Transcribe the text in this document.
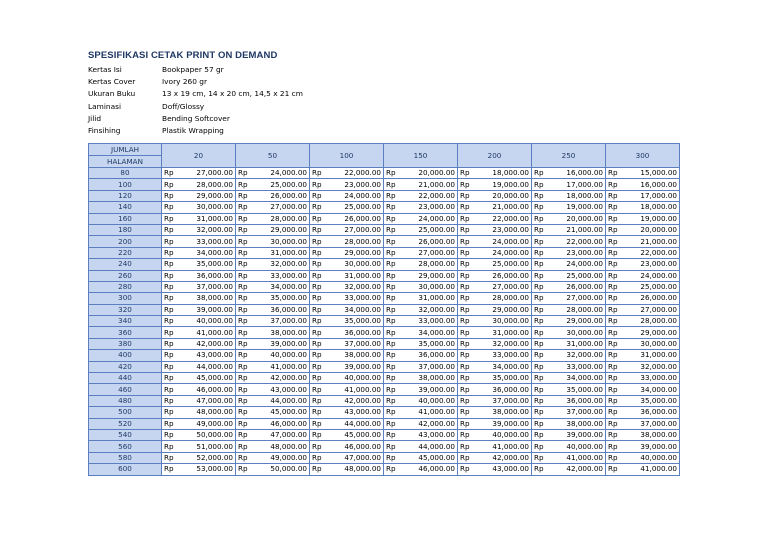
SPESIFIKASI CETAK PRINT ON DEMAND
Kertas Isi	Bookpaper 57 gr
Kertas Cover	Ivory 260 gr
Ukuran Buku	13 x 19 cm, 14 x 20 cm, 14,5 x 21 cm
Laminasi	Doff/Glossy
Jilid	Bending Softcover
Finsihing	Plastik Wrapping
JUMLAH	20		50		100		150		200		250		300	
HALAMAN														
80	Rp	27,000.00	Rp	24,000.00	Rp	22,000.00	Rp	20,000.00	Rp	18,000.00	Rp	16,000.00	Rp	15,000.00
100	Rp	28,000.00	Rp	25,000.00	Rp	23,000.00	Rp	21,000.00	Rp	19,000.00	Rp	17,000.00	Rp	16,000.00
120	Rp	29,000.00	Rp	26,000.00	Rp	24,000.00	Rp	22,000.00	Rp	20,000.00	Rp	18,000.00	Rp	17,000.00
140	Rp	30,000.00	Rp	27,000.00	Rp	25,000.00	Rp	23,000.00	Rp	21,000.00	Rp	19,000.00	Rp	18,000.00
160	Rp	31,000.00	Rp	28,000.00	Rp	26,000.00	Rp	24,000.00	Rp	22,000.00	Rp	20,000.00	Rp	19,000.00
180	Rp	32,000.00	Rp	29,000.00	Rp	27,000.00	Rp	25,000.00	Rp	23,000.00	Rp	21,000.00	Rp	20,000.00
200	Rp	33,000.00	Rp	30,000.00	Rp	28,000.00	Rp	26,000.00	Rp	24,000.00	Rp	22,000.00	Rp	21,000.00
220	Rp	34,000.00	Rp	31,000.00	Rp	29,000.00	Rp	27,000.00	Rp	24,000.00	Rp	23,000.00	Rp	22,000.00
240	Rp	35,000.00	Rp	32,000.00	Rp	30,000.00	Rp	28,000.00	Rp	25,000.00	Rp	24,000.00	Rp	23,000.00
260	Rp	36,000.00	Rp	33,000.00	Rp	31,000.00	Rp	29,000.00	Rp	26,000.00	Rp	25,000.00	Rp	24,000.00
280	Rp	37,000.00	Rp	34,000.00	Rp	32,000.00	Rp	30,000.00	Rp	27,000.00	Rp	26,000.00	Rp	25,000.00
300	Rp	38,000.00	Rp	35,000.00	Rp	33,000.00	Rp	31,000.00	Rp	28,000.00	Rp	27,000.00	Rp	26,000.00
320	Rp	39,000.00	Rp	36,000.00	Rp	34,000.00	Rp	32,000.00	Rp	29,000.00	Rp	28,000.00	Rp	27,000.00
340	Rp	40,000.00	Rp	37,000.00	Rp	35,000.00	Rp	33,000.00	Rp	30,000.00	Rp	29,000.00	Rp	28,000.00
360	Rp	41,000.00	Rp	38,000.00	Rp	36,000.00	Rp	34,000.00	Rp	31,000.00	Rp	30,000.00	Rp	29,000.00
380	Rp	42,000.00	Rp	39,000.00	Rp	37,000.00	Rp	35,000.00	Rp	32,000.00	Rp	31,000.00	Rp	30,000.00
400	Rp	43,000.00	Rp	40,000.00	Rp	38,000.00	Rp	36,000.00	Rp	33,000.00	Rp	32,000.00	Rp	31,000.00
420	Rp	44,000.00	Rp	41,000.00	Rp	39,000.00	Rp	37,000.00	Rp	34,000.00	Rp	33,000.00	Rp	32,000.00
440	Rp	45,000.00	Rp	42,000.00	Rp	40,000.00	Rp	38,000.00	Rp	35,000.00	Rp	34,000.00	Rp	33,000.00
460	Rp	46,000.00	Rp	43,000.00	Rp	41,000.00	Rp	39,000.00	Rp	36,000.00	Rp	35,000.00	Rp	34,000.00
480	Rp	47,000.00	Rp	44,000.00	Rp	42,000.00	Rp	40,000.00	Rp	37,000.00	Rp	36,000.00	Rp	35,000.00
500	Rp	48,000.00	Rp	45,000.00	Rp	43,000.00	Rp	41,000.00	Rp	38,000.00	Rp	37,000.00	Rp	36,000.00
520	Rp	49,000.00	Rp	46,000.00	Rp	44,000.00	Rp	42,000.00	Rp	39,000.00	Rp	38,000.00	Rp	37,000.00
540	Rp	50,000.00	Rp	47,000.00	Rp	45,000.00	Rp	43,000.00	Rp	40,000.00	Rp	39,000.00	Rp	38,000.00
560	Rp	51,000.00	Rp	48,000.00	Rp	46,000.00	Rp	44,000.00	Rp	41,000.00	Rp	40,000.00	Rp	39,000.00
580	Rp	52,000.00	Rp	49,000.00	Rp	47,000.00	Rp	45,000.00	Rp	42,000.00	Rp	41,000.00	Rp	40,000.00
600	Rp	53,000.00	Rp	50,000.00	Rp	48,000.00	Rp	46,000.00	Rp	43,000.00	Rp	42,000.00	Rp	41,000.00
